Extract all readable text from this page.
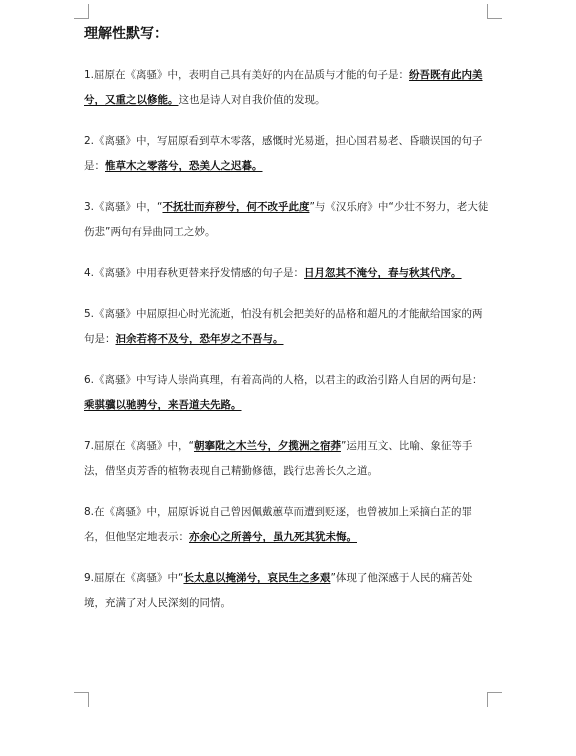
理解性默写：

1.屈原在《离骚》中，表明自己具有美好的内在品质与才能的句子是：纷吾既有此内美兮，又重之以修能。这也是诗人对自我价值的发现。

2.《离骚》中，写屈原看到草木零落，感慨时光易逝，担心国君易老、昏聩误国的句子是：惟草木之零落兮，恐美人之迟暮。

3.《离骚》中，“不抚壮而弃秽兮，何不改乎此度”与《汉乐府》中“少壮不努力，老大徒伤悲”两句有异曲同工之妙。

4.《离骚》中用春秋更替来抒发情感的句子是：日月忽其不淹兮，春与秋其代序。

5.《离骚》中屈原担心时光流逝，怕没有机会把美好的品格和超凡的才能献给国家的两句是：汩余若将不及兮，恐年岁之不吾与。

6.《离骚》中写诗人崇尚真理，有着高尚的人格，以君主的政治引路人自居的两句是：乘骐骥以驰骋兮，来吾道夫先路。

7.屈原在《离骚》中，“朝搴阰之木兰兮，夕揽洲之宿莽”运用互文、比喻、象征等手法，借坚贞芳香的植物表现自己精勤修德，践行忠善长久之道。

8.在《离骚》中，屈原诉说自己曾因佩戴蕙草而遭到贬逐，也曾被加上采摘白芷的罪名，但他坚定地表示：亦余心之所善兮，虽九死其犹未悔。

9.屈原在《离骚》中“长太息以掩涕兮，哀民生之多艰”体现了他深感于人民的痛苦处境，充满了对人民深刻的同情。
